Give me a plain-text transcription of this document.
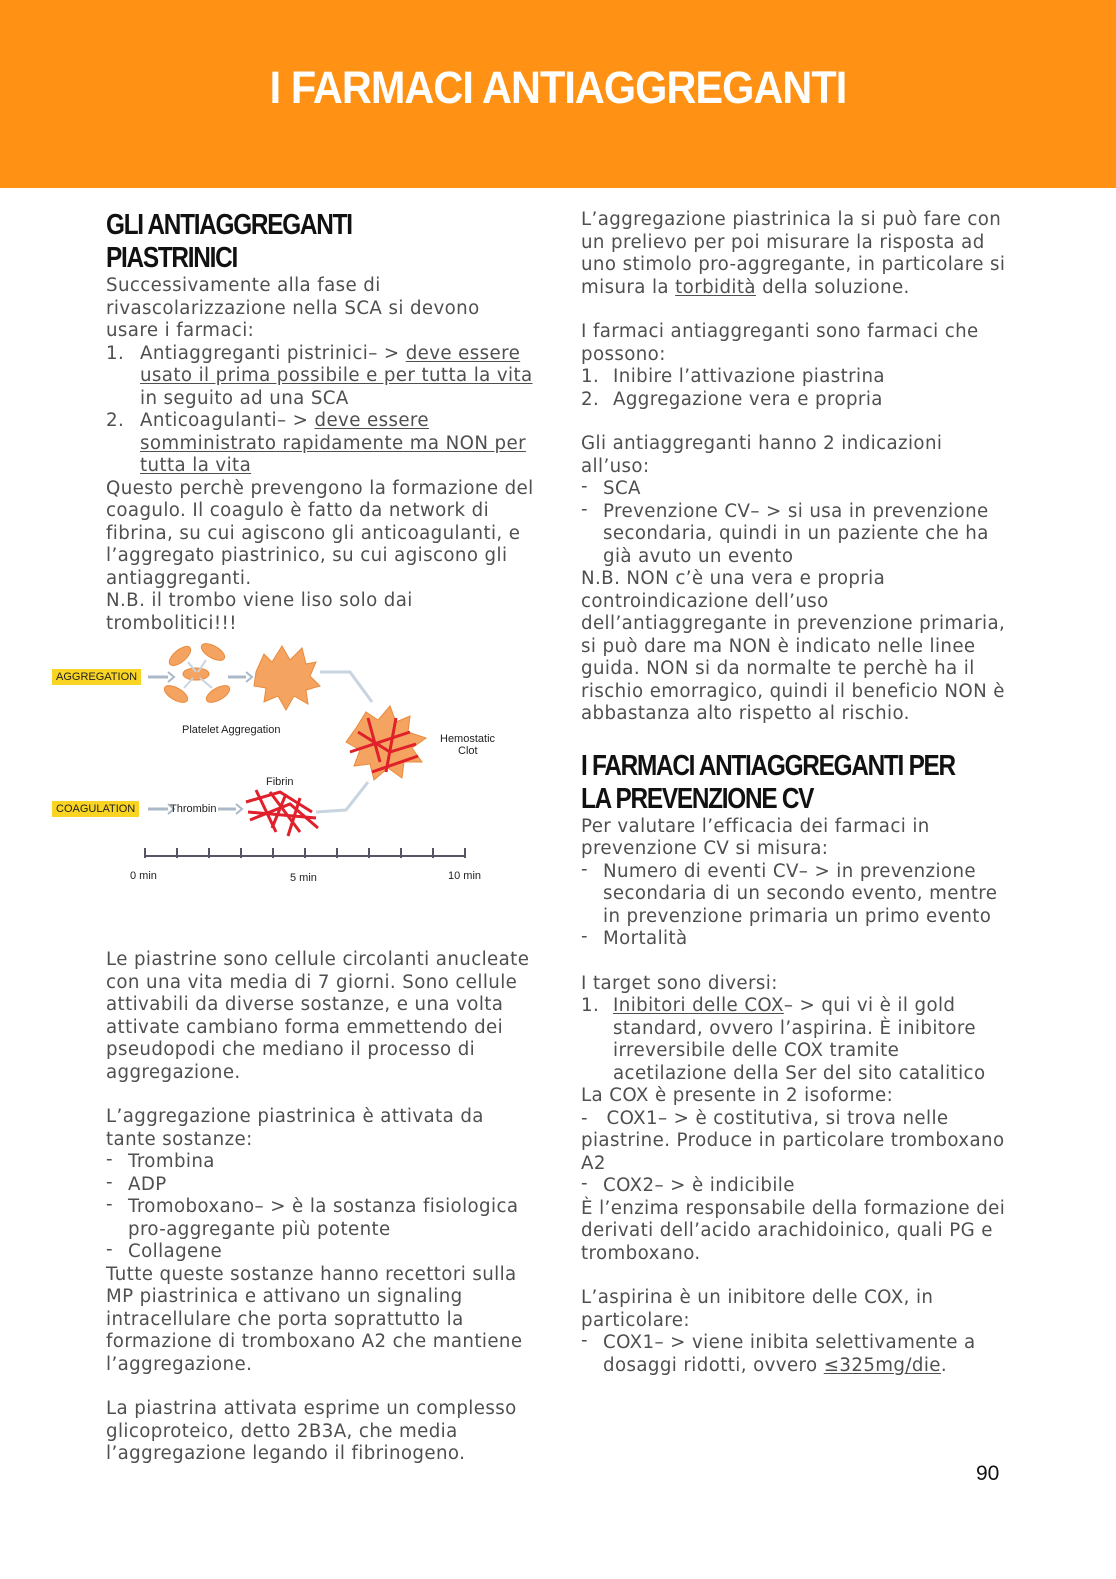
I FARMACI ANTIAGGREGANTI
GLI ANTIAGGREGANTI PIASTRINICI

Successivamente alla fase di rivascolarizzazione nella SCA si devono usare i farmaci:

1. Antiaggreganti pistrinici– > deve essere usato il prima possibile e per tutta la vita in seguito ad una SCA
2. Anticoagulanti– > deve essere somministrato rapidamente ma NON per tutta la vita

Questo perchè prevengono la formazione del coagulo. Il coagulo è fatto da network di fibrina, su cui agiscono gli anticoagulanti, e l’aggregato piastrinico, su cui agiscono gli antiaggreganti.

N.B. il trombo viene liso solo dai trombolitici!!!

Le piastrine sono cellule circolanti anucleate con una vita media di 7 giorni. Sono cellule attivabili da diverse sostanze, e una volta attivate cambiano forma emmettendo dei pseudopodi che mediano il processo di aggregazione.

L’aggregazione piastrinica è attivata da tante sostanze:

- Trombina
- ADP
- Tromoboxano– > è la sostanza fisiologica pro-aggregante più potente
- Collagene

Tutte queste sostanze hanno recettori sulla MP piastrinica e attivano un signaling intracellulare che porta soprattutto la formazione di tromboxano A2 che mantiene l’aggregazione.

La piastrina attivata esprime un complesso glicoproteico, detto 2B3A, che media l’aggregazione legando il fibrinogeno.

AGGREGATION
COAGULATION
Platelet Aggregation
Hemostatic
Clot
Fibrin
Thrombin
0 min	5 min	10 min

L’aggregazione piastrinica la si può fare con un prelievo per poi misurare la risposta ad uno stimolo pro-aggregante, in particolare si misura la torbidità della soluzione.

I farmaci antiaggreganti sono farmaci che possono:

1. Inibire l’attivazione piastrina
2. Aggregazione vera e propria

Gli antiaggreganti hanno 2 indicazioni all’uso:

- SCA
- Prevenzione CV– > si usa in prevenzione secondaria, quindi in un paziente che ha già avuto un evento

N.B. NON c’è una vera e propria controindicazione dell’uso dell’antiaggregante in prevenzione primaria, si può dare ma NON è indicato nelle linee guida. NON si da normalte te perchè ha il rischio emorragico, quindi il beneficio NON è abbastanza alto rispetto al rischio.

I FARMACI ANTIAGGREGANTI PER LA PREVENZIONE CV

Per valutare l’efficacia dei farmaci in prevenzione CV si misura:

- Numero di eventi CV– > in prevenzione secondaria di un secondo evento, mentre in prevenzione primaria un primo evento
- Mortalità

I target sono diversi:

1. Inibitori delle COX– > qui vi è il gold standard, ovvero l’aspirina. È inibitore irreversibile delle COX tramite acetilazione della Ser del sito catalitico

La COX è presente in 2 isoforme:

-   COX1– > è costitutiva, si trova nelle piastrine. Produce in particolare tromboxano A2

- COX2– > è indicibile

È l’enzima responsabile della formazione dei derivati dell’acido arachidoinico, quali PG e tromboxano.

L’aspirina è un inibitore delle COX, in particolare:

- COX1– > viene inibita selettivamente a dosaggi ridotti, ovvero ≤325mg/die.
90
